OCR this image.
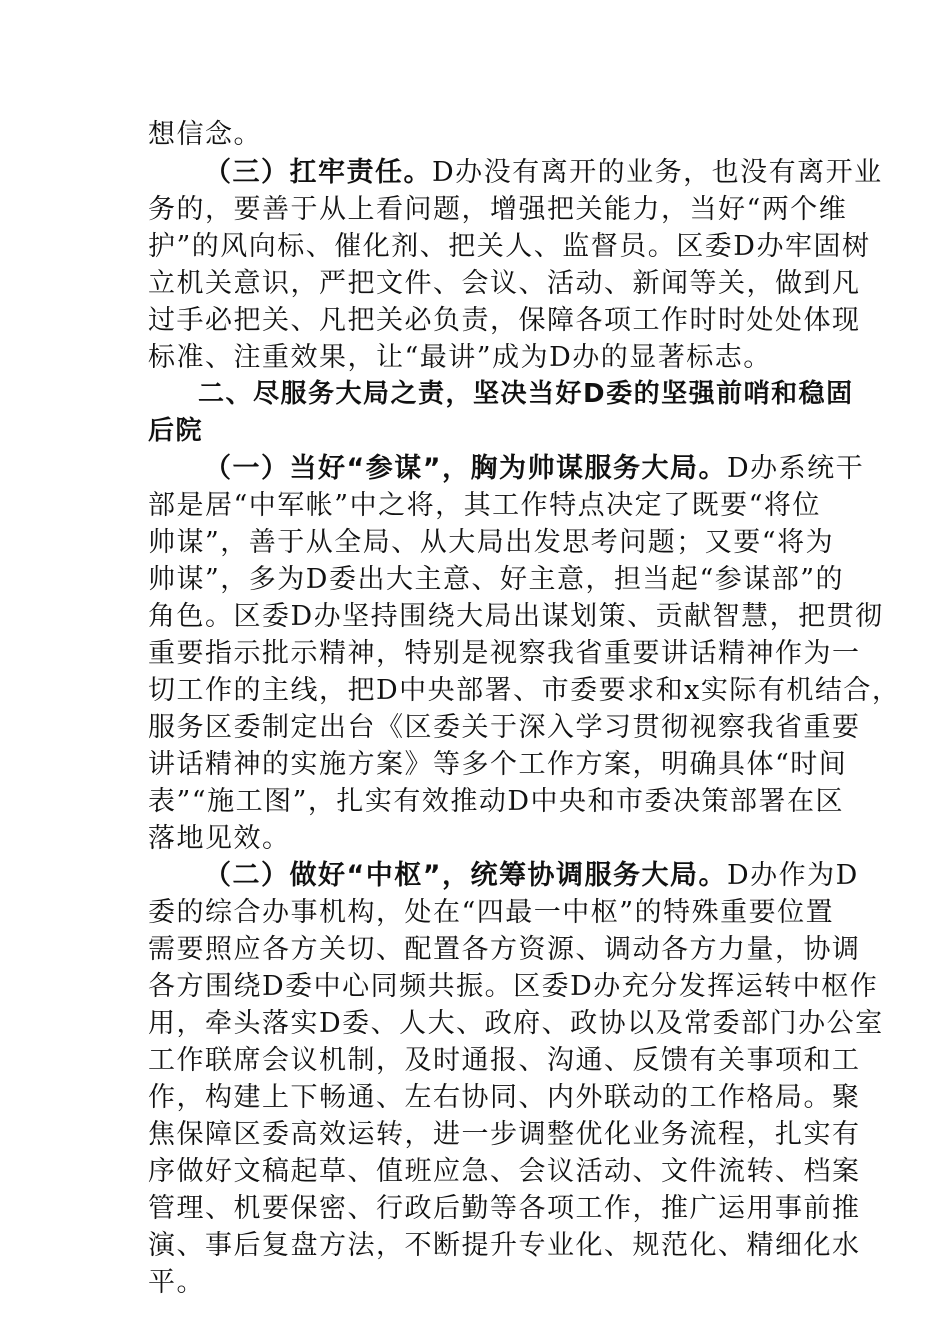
想信念。
（三）扛牢责任。D办没有离开的业务，也没有离开业
务的，要善于从上看问题，增强把关能力，当好“两个维
护”的风向标、催化剂、把关人、监督员。区委D办牢固树
立机关意识，严把文件、会议、活动、新闻等关，做到凡
过手必把关、凡把关必负责，保障各项工作时时处处体现
标准、注重效果，让“最讲”成为D办的显著标志。
二、尽服务大局之责，坚决当好D委的坚强前哨和稳固
后院
（一）当好“参谋”，胸为帅谋服务大局。D办系统干
部是居“中军帐”中之将，其工作特点决定了既要“将位
帅谋”，善于从全局、从大局出发思考问题；又要“将为
帅谋”，多为D委出大主意、好主意，担当起“参谋部”的
角色。区委D办坚持围绕大局出谋划策、贡献智慧，把贯彻
重要指示批示精神，特别是视察我省重要讲话精神作为一
切工作的主线，把D中央部署、市委要求和x实际有机结合，
服务区委制定出台《区委关于深入学习贯彻视察我省重要
讲话精神的实施方案》等多个工作方案，明确具体“时间
表”“施工图”，扎实有效推动D中央和市委决策部署在区
落地见效。
（二）做好“中枢”，统筹协调服务大局。D办作为D
委的综合办事机构，处在“四最一中枢”的特殊重要位置
需要照应各方关切、配置各方资源、调动各方力量，协调
各方围绕D委中心同频共振。区委D办充分发挥运转中枢作
用，牵头落实D委、人大、政府、政协以及常委部门办公室
工作联席会议机制，及时通报、沟通、反馈有关事项和工
作，构建上下畅通、左右协同、内外联动的工作格局。聚
焦保障区委高效运转，进一步调整优化业务流程，扎实有
序做好文稿起草、值班应急、会议活动、文件流转、档案
管理、机要保密、行政后勤等各项工作，推广运用事前推
演、事后复盘方法，不断提升专业化、规范化、精细化水
平。
